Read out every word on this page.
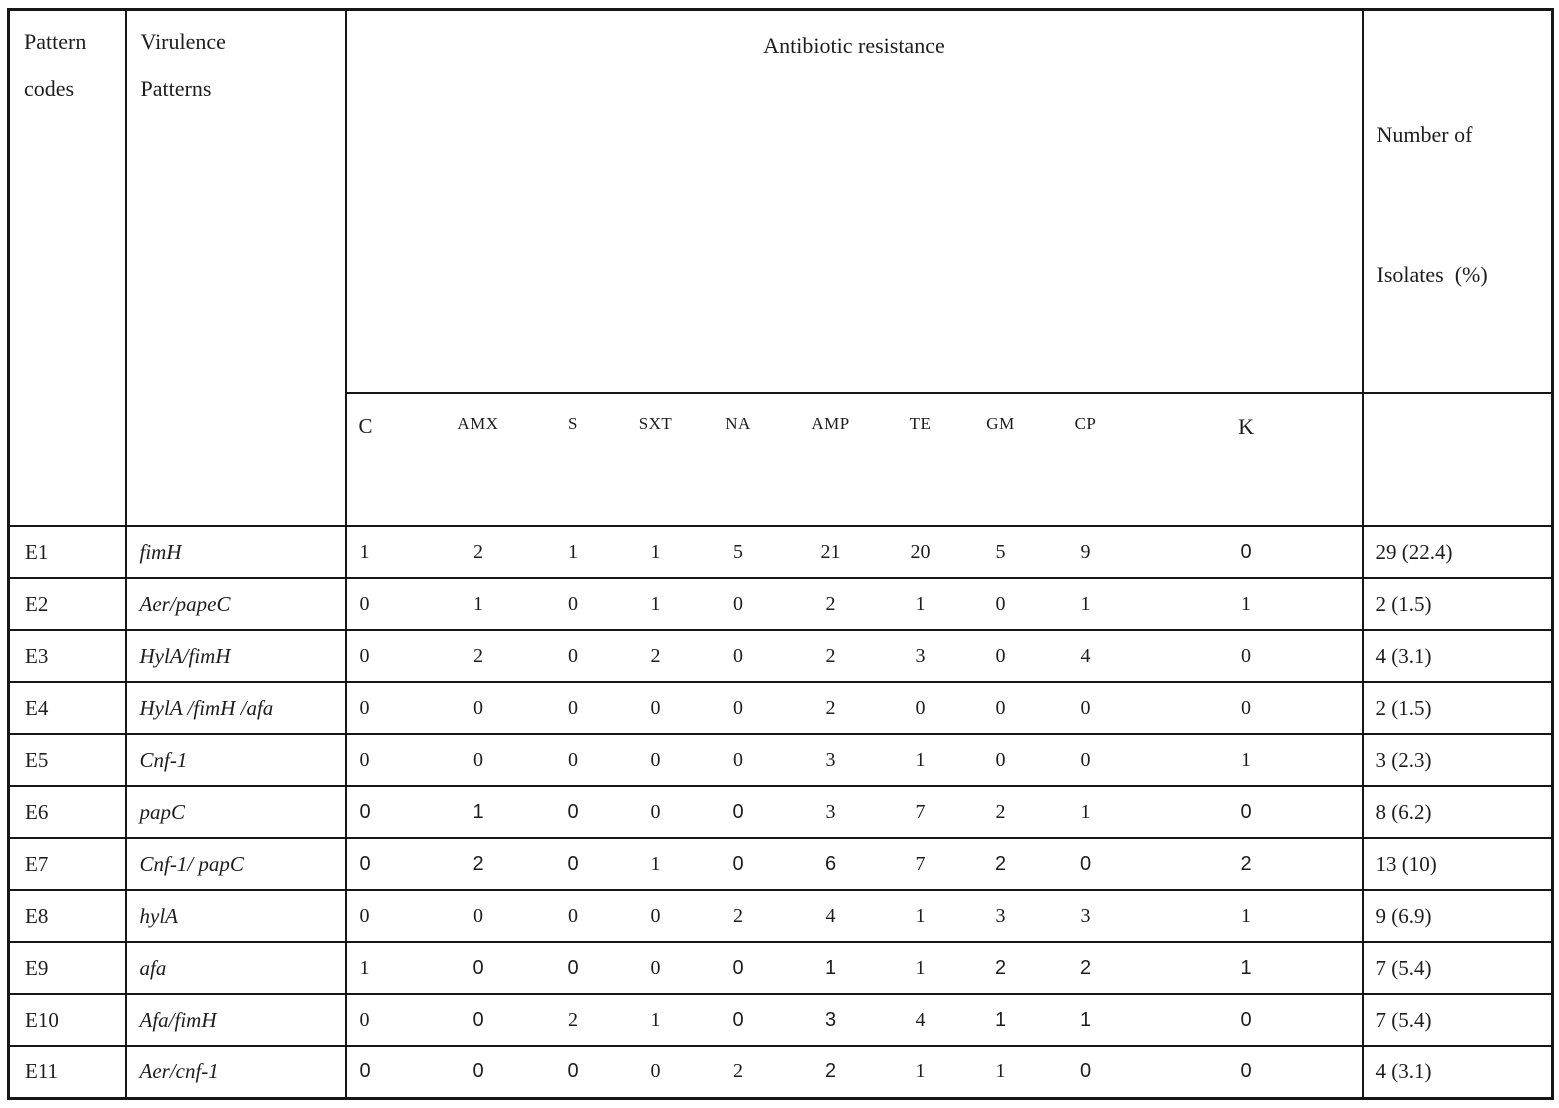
Pattern
codes	Virulence
Patterns	Antibiotic resistance										Number of

Isolates  (%)

		C	AMX	S	SXT	NA	AMP	TE	GM	CP	K	
E1	fimH	1	2	1	1	5	21	20	5	9	0	29 (22.4)
E2	Aer/papeC	0	1	0	1	0	2	1	0	1	1	2 (1.5)
E3	HylA/fimH	0	2	0	2	0	2	3	0	4	0	4 (3.1)
E4	HylA /fimH /afa	0	0	0	0	0	2	0	0	0	0	2 (1.5)
E5	Cnf-1	0	0	0	0	0	3	1	0	0	1	3 (2.3)
E6	papC	0	1	0	0	0	3	7	2	1	0	8 (6.2)
E7	Cnf-1/ papC	0	2	0	1	0	6	7	2	0	2	13 (10)
E8	hylA	0	0	0	0	2	4	1	3	3	1	9 (6.9)
E9	afa	1	0	0	0	0	1	1	2	2	1	7 (5.4)
E10	Afa/fimH	0	0	2	1	0	3	4	1	1	0	7 (5.4)
E11	Aer/cnf-1	0	0	0	0	2	2	1	1	0	0	4 (3.1)
